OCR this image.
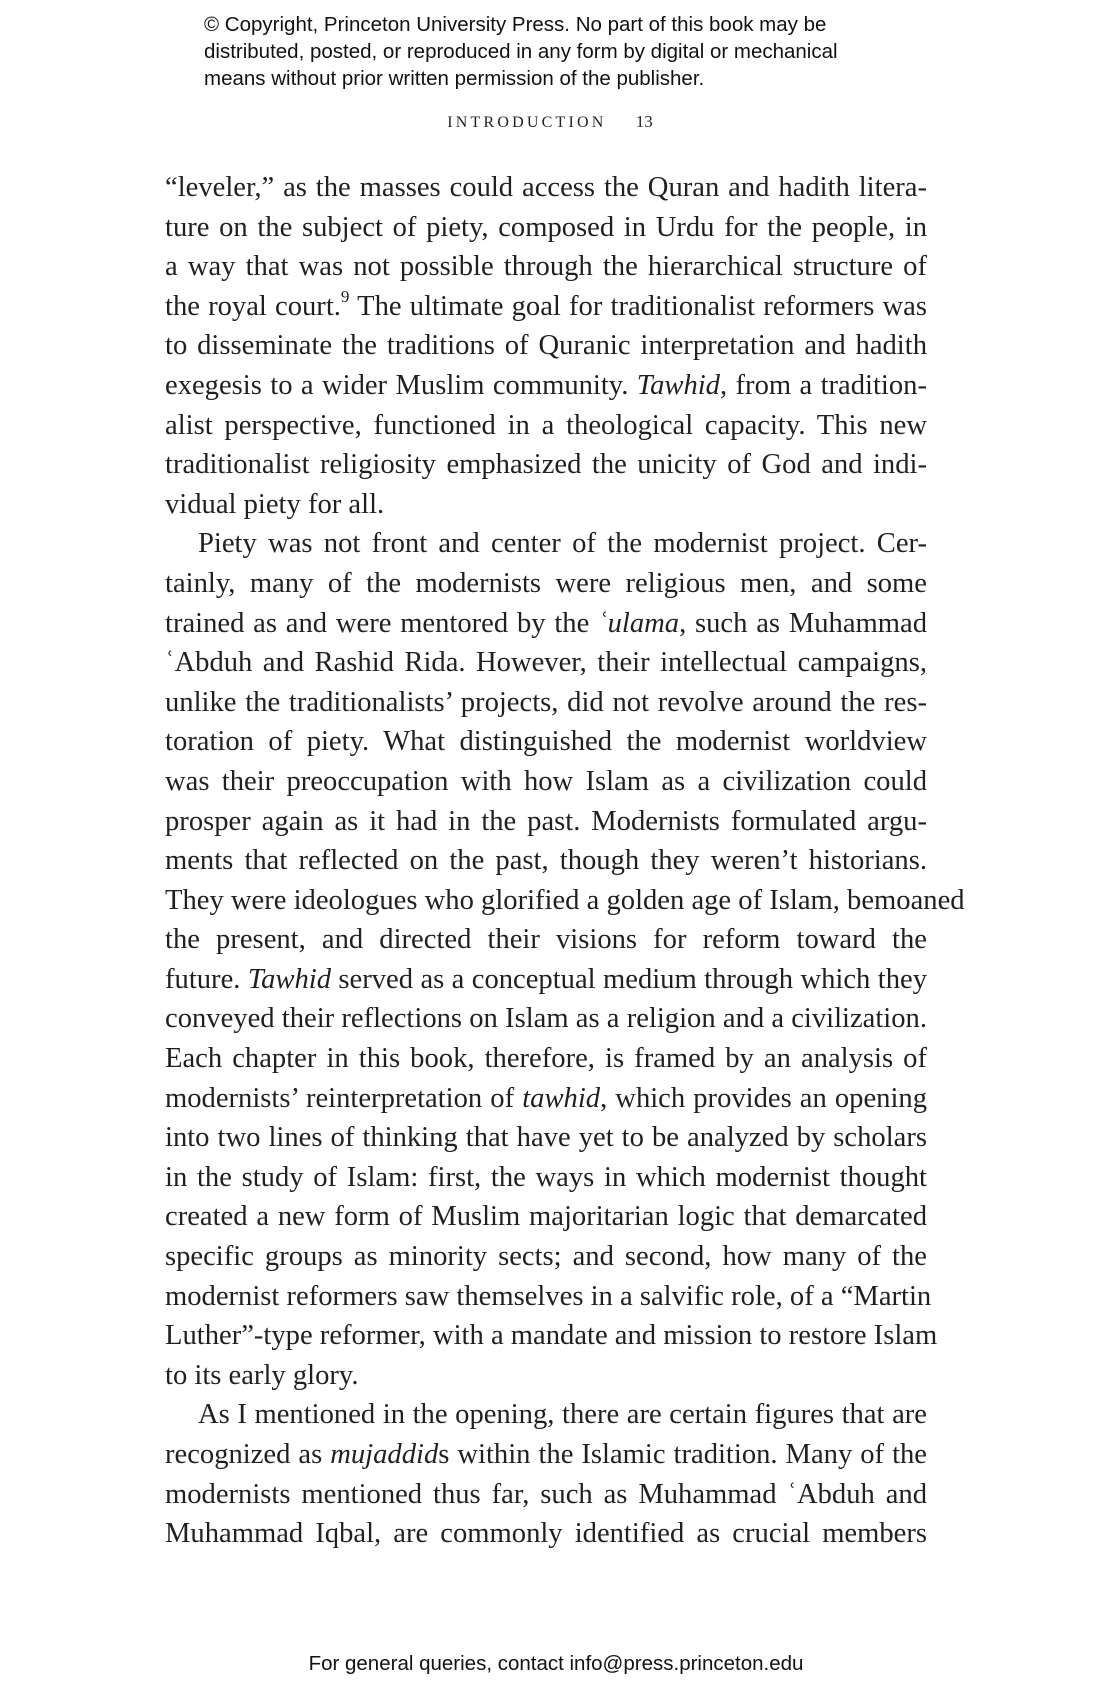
© Copyright, Princeton University Press. No part of this book may be
distributed, posted, or reproduced in any form by digital or mechanical
means without prior written permission of the publisher.
INTRODUCTION 13
“leveler,” as the masses could access the Quran and hadith litera-
ture on the subject of piety, composed in Urdu for the people, in
a way that was not possible through the hierarchical structure of
the royal court.$^9$ The ultimate goal for traditionalist reformers was
to disseminate the traditions of Quranic interpretation and hadith
exegesis to a wider Muslim community. Tawhid, from a tradition-
alist perspective, functioned in a theological capacity. This new
traditionalist religiosity emphasized the unicity of God and indi-
vidual piety for all.
Piety was not front and center of the modernist project. Cer-
tainly, many of the modernists were religious men, and some
trained as and were mentored by the ʿulama, such as Muhammad
ʿAbduh and Rashid Rida. However, their intellectual campaigns,
unlike the traditionalists’ projects, did not revolve around the res-
toration of piety. What distinguished the modernist worldview
was their preoccupation with how Islam as a civilization could
prosper again as it had in the past. Modernists formulated argu-
ments that reflected on the past, though they weren’t historians.
They were ideologues who glorified a golden age of Islam, bemoaned
the present, and directed their visions for reform toward the
future. Tawhid served as a conceptual medium through which they
conveyed their reflections on Islam as a religion and a civilization.
Each chapter in this book, therefore, is framed by an analysis of
modernists’ reinterpretation of tawhid, which provides an opening
into two lines of thinking that have yet to be analyzed by scholars
in the study of Islam: first, the ways in which modernist thought
created a new form of Muslim majoritarian logic that demarcated
specific groups as minority sects; and second, how many of the
modernist reformers saw themselves in a salvific role, of a “Martin
Luther”-type reformer, with a mandate and mission to restore Islam
to its early glory.
As I mentioned in the opening, there are certain figures that are
recognized as mujaddids within the Islamic tradition. Many of the
modernists mentioned thus far, such as Muhammad ʿAbduh and
Muhammad Iqbal, are commonly identified as crucial members
For general queries, contact info@press.princeton.edu
